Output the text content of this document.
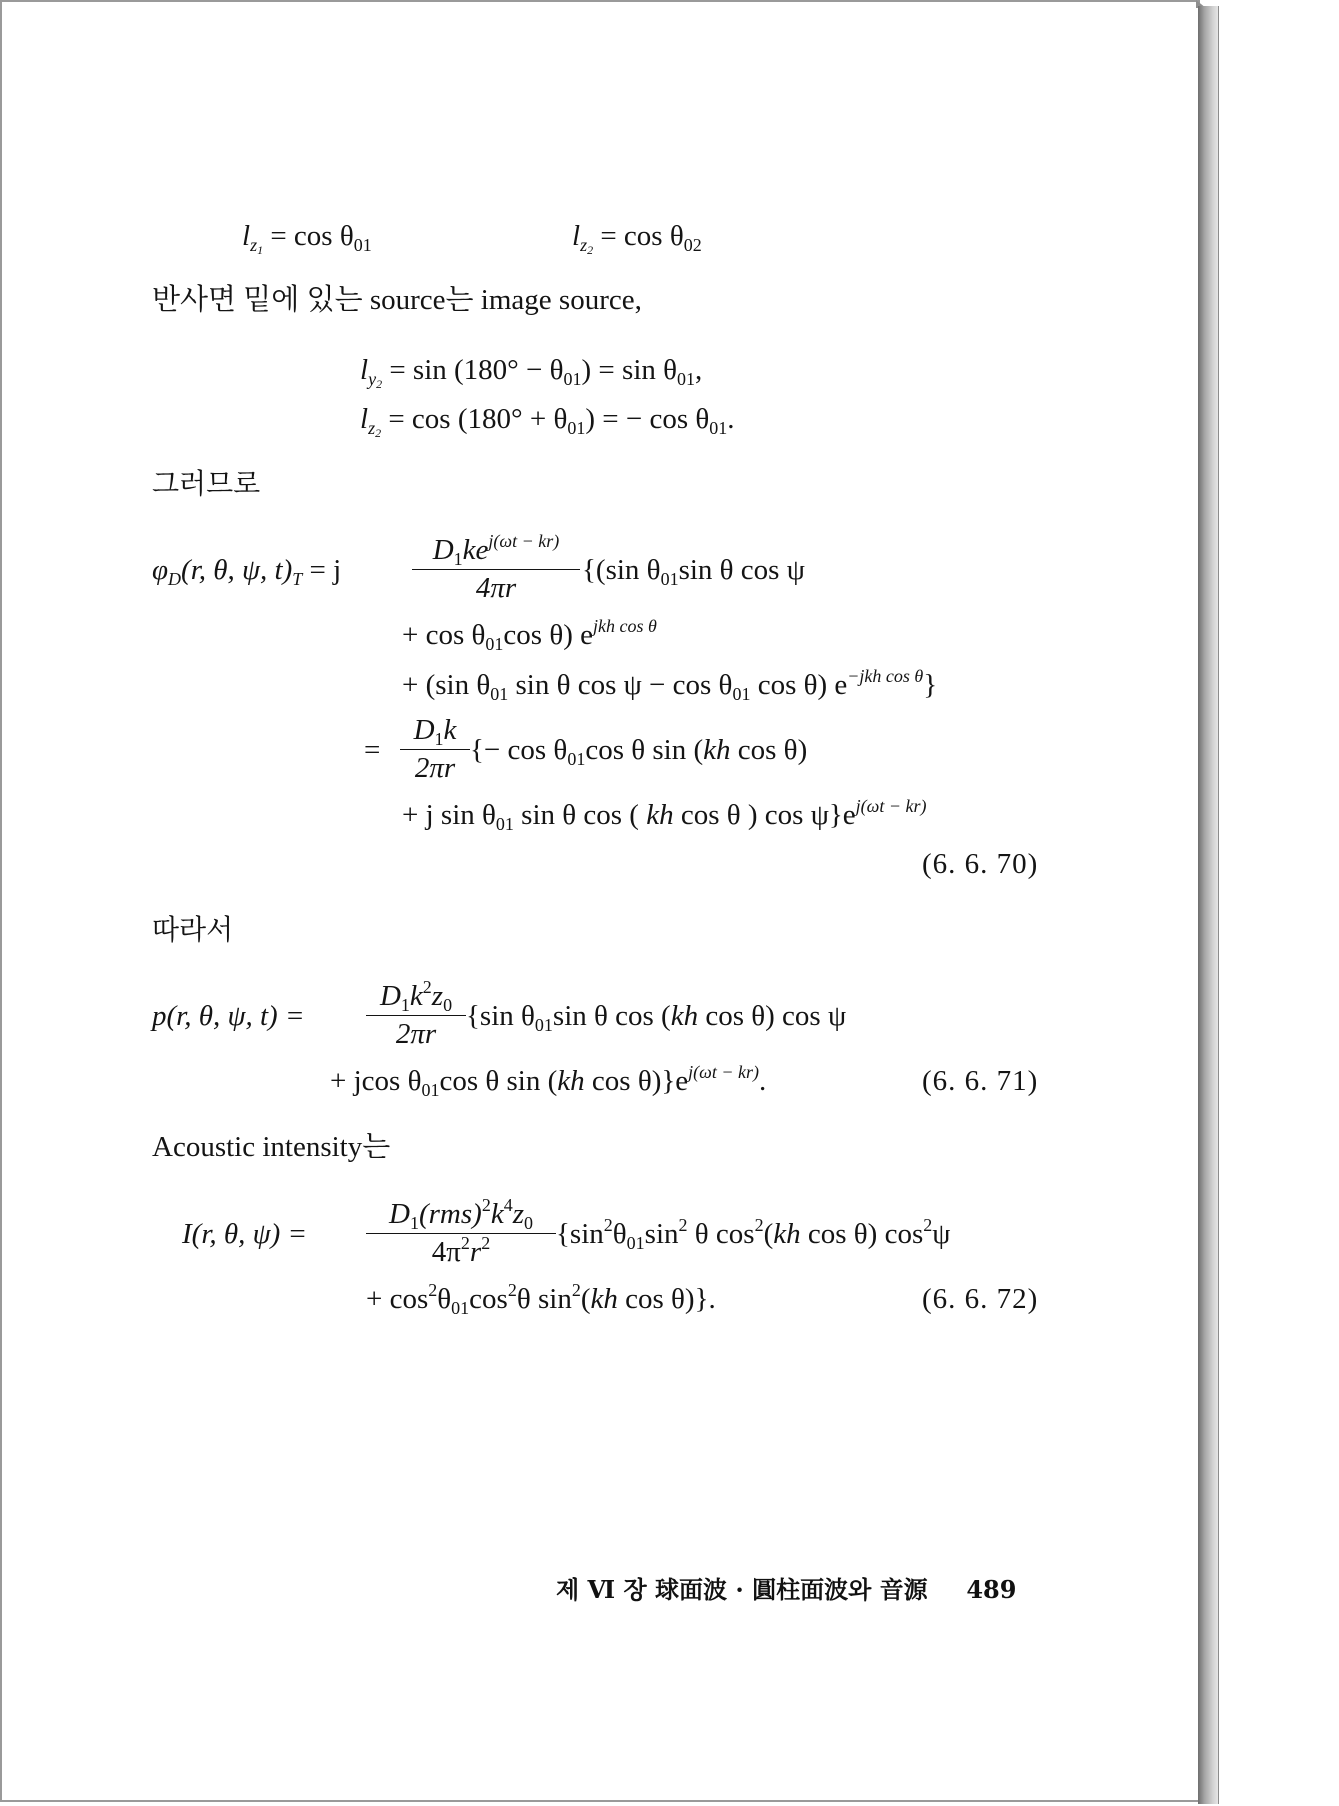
$l_{z_1} = \cos \theta_{01}$	$l_{z_2} = \cos \theta_{02}$
반사면 밑에 있는 source는 image source,
$l_{y_2} = \sin (180^\circ - \theta_{01}) = \sin \theta_{01}$,
$l_{z_2} = \cos (180^\circ + \theta_{01})$ = − $\cos \theta_{01}$.
그러므로
$\varphi_D(r$, θ, ψ, $t)_T = j$
$D_1ke^{j(\omega t - kr)}$
4πr
{(sin $\theta_{01}\sin$ θ cos ψ
+ $\cos \theta_{01}\cos$ θ) $e^{jkh cos \theta}$
+ (sin $\theta_{01}$ sin θ $\cos \psi - \cos \theta_{01}$ cos θ) $e^{-jkh cos \theta}$}
=
$D_1k$
2πr
{− $\cos \theta_{01}\cos$ θ sin (kh cos θ)
+ j $\sin \theta_{01}$ sin θ cos ( kh cos θ ) $\cos \psi\}e^{j(\omega t - kr)}$
(6. 6. 70)
따라서
p(r, θ, ψ, t) =
$D_1k^2z_0$
2πr
{sin $\theta_{01}\sin$ θ cos (kh cos θ) cos ψ
+ jcos $\theta_{01}\cos$ θ sin (kh $\cos \theta)\}e^{j(\omega t - kr)}$.	(6. 6. 71)
Acoustic intensity는
I(r, θ, ψ) =
$D_1(rms)^2k^4z_0$
$4\pi^2r^2$	{$\sin^2\theta_{01}\sin^2$ θ $\cos^2(kh$ cos θ) $\cos^2\psi$
+ $\cos^2\theta_{01}\cos^2\theta$ $\sin^2(kh$ cos θ)}.	(6. 6. 72)
제 Ⅵ 장 球面波 · 圓柱面波와 音源 489
